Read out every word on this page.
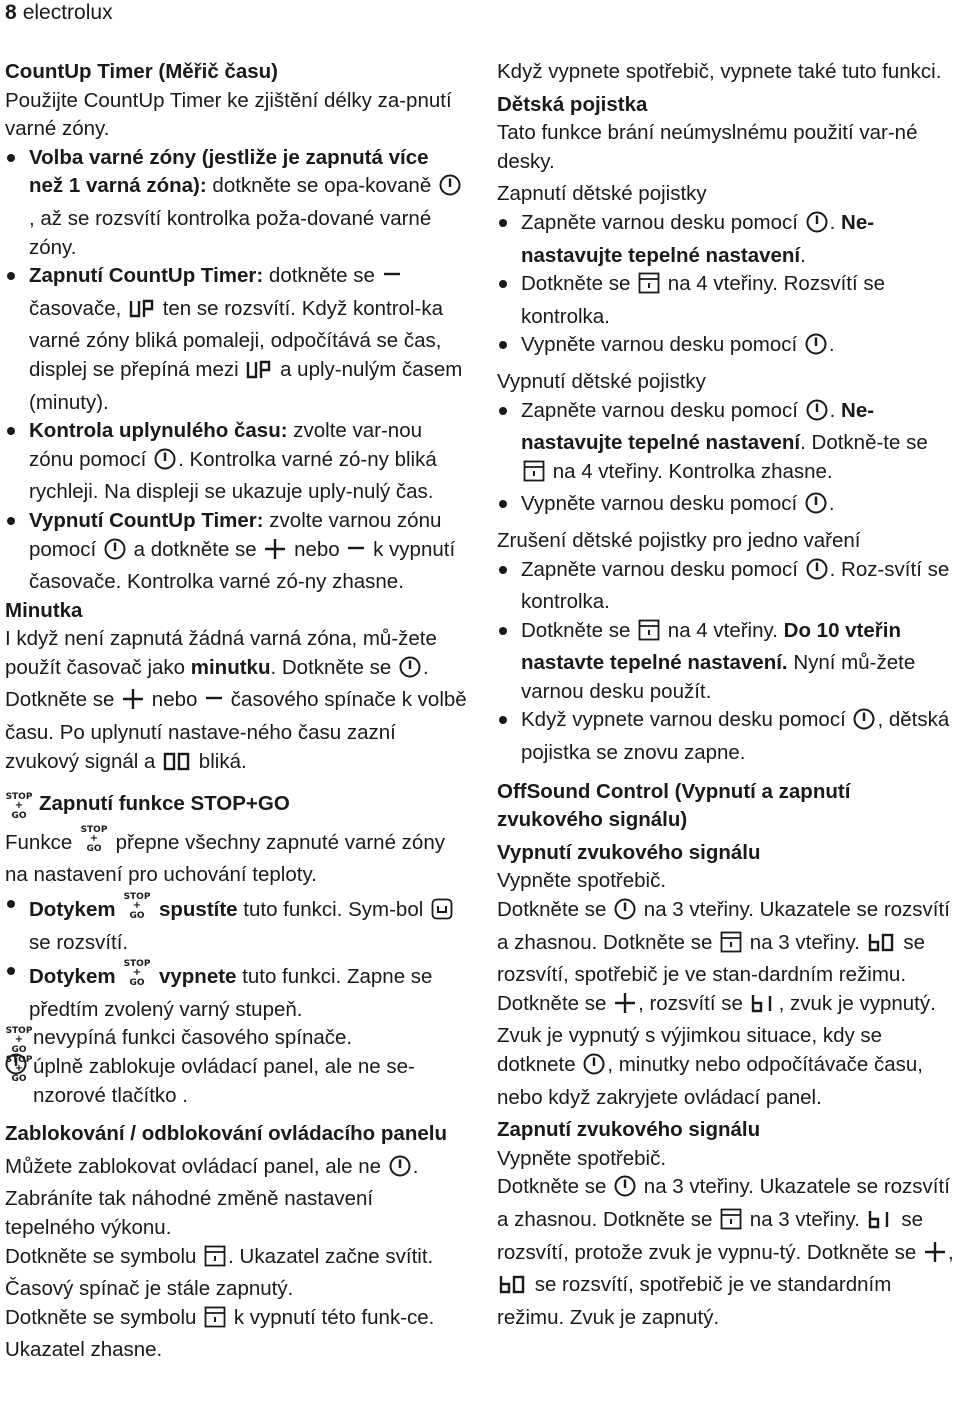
8 electrolux

CountUp Timer (Měřič času)

Použijte CountUp Timer ke zjištění délky za-pnutí varné zóny.

Volba varné zóny (jestliže je zapnutá více než 1 varná zóna): dotkněte se opa-kovaně , až se rozsvítí kontrolka poža-dované varné zóny.
Zapnutí CountUp Timer: dotkněte se  časovače,  ten se rozsvítí. Když kontrol-ka varné zóny bliká pomaleji, odpočítává se čas, displej se přepíná mezi  a uply-nulým časem (minuty).
Kontrola uplynulého času: zvolte var-nou zónu pomocí . Kontrolka varné zó-ny bliká rychleji. Na displeji se ukazuje uply-nulý čas.
Vypnutí CountUp Timer: zvolte varnou zónu pomocí  a dotkněte se  nebo  k vypnutí časovače. Kontrolka varné zó-ny zhasne.

Minutka

I když není zapnutá žádná varná zóna, mů-žete použít časovač jako minutku. Dotkněte se . Dotkněte se  nebo  časového spínače k volbě času. Po uplynutí nastave-ného času zazní zvukový signál a  bliká.

STOP
+
GO
Zapnutí funkce STOP+GO

Funkce
STOP
+
GO přepne všechny zapnuté varné zóny na nastavení pro uchování teploty.

Dotykem
STOP
+
GO spustíte tuto funkci. Sym-bol  se rozsvítí.
Dotykem
STOP
+
GO vypnete tuto funkci. Zapne se předtím zvolený varný stupeň.

STOP
+
GO
nevypíná funkci časového spínače.

STOP
+
GO
úplně zablokuje ovládací panel, ale ne se-nzorové tlačítko
.

Zablokování / odblokování ovládacího panelu

Můžete zablokovat ovládací panel, ale ne . Zabráníte tak náhodné změně nastavení tepelného výkonu.

Dotkněte se symbolu . Ukazatel začne svítit.

Časový spínač je stále zapnutý.

Dotkněte se symbolu  k vypnutí této funk-ce. Ukazatel zhasne.

Když vypnete spotřebič, vypnete také tuto funkci.

Dětská pojistka

Tato funkce brání neúmyslnému použití var-né desky.

Zapnutí dětské pojistky

Zapněte varnou desku pomocí . Ne-nastavujte tepelné nastavení.
Dotkněte se  na 4 vteřiny. Rozsvítí se kontrolka.
Vypněte varnou desku pomocí .

Vypnutí dětské pojistky

Zapněte varnou desku pomocí . Ne-nastavujte tepelné nastavení. Dotkně-te se  na 4 vteřiny. Kontrolka zhasne.
Vypněte varnou desku pomocí .

Zrušení dětské pojistky pro jedno vaření

Zapněte varnou desku pomocí . Roz-svítí se kontrolka.
Dotkněte se  na 4 vteřiny. Do 10 vteřin nastavte tepelné nastavení. Nyní mů-žete varnou desku použít.
Když vypnete varnou desku pomocí , dětská pojistka se znovu zapne.

OffSound Control (Vypnutí a zapnutí zvukového signálu)

Vypnutí zvukového signálu

Vypněte spotřebič.

Dotkněte se  na 3 vteřiny. Ukazatele se rozsvítí a zhasnou. Dotkněte se  na 3 vteřiny.  se rozsvítí, spotřebič je ve stan-dardním režimu. Dotkněte se , rozsvítí se , zvuk je vypnutý.

Zvuk je vypnutý s výjimkou situace, kdy se dotknete , minutky nebo odpočítávače času, nebo když zakryjete ovládací panel.

Zapnutí zvukového signálu

Vypněte spotřebič.

Dotkněte se  na 3 vteřiny. Ukazatele se rozsvítí a zhasnou. Dotkněte se  na 3 vteřiny.  se rozsvítí, protože zvuk je vypnu-tý. Dotkněte se ,  se rozsvítí, spotřebič je ve standardním režimu. Zvuk je zapnutý.
